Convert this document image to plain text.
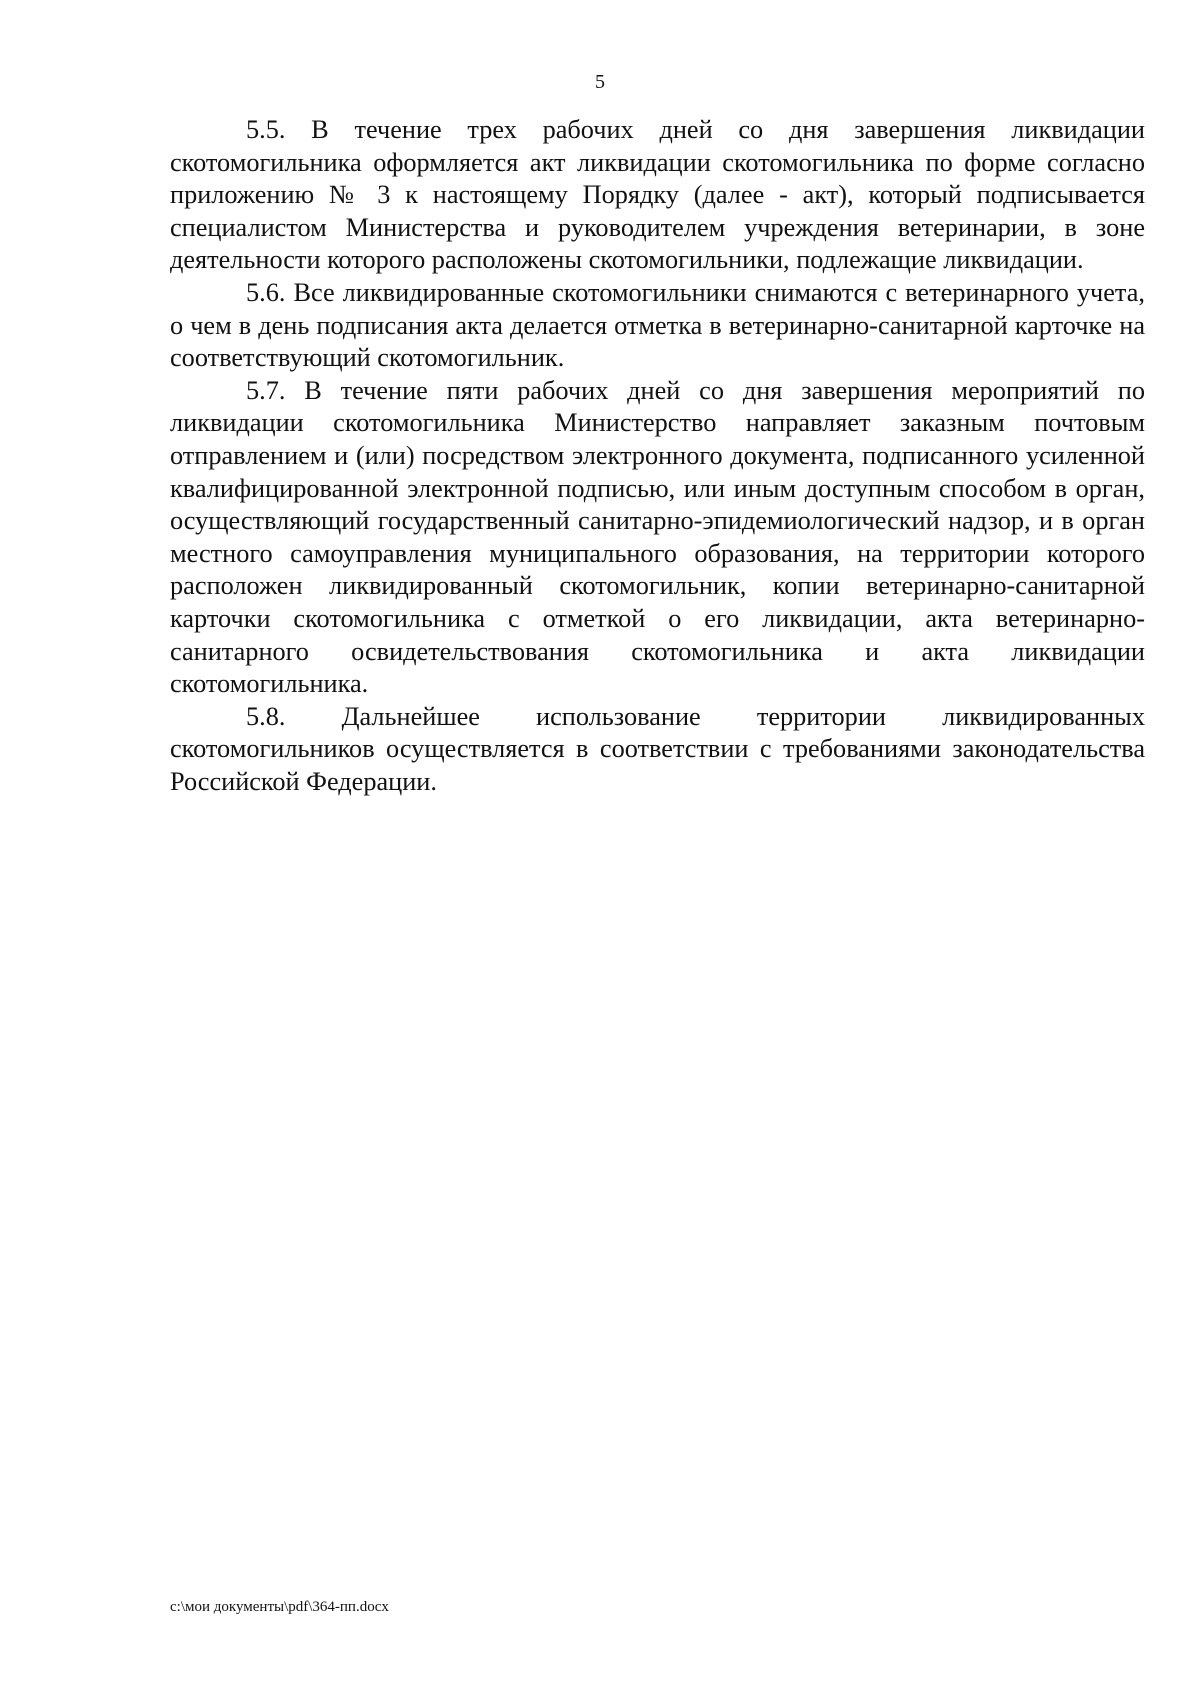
5

5.5. В течение трех рабочих дней со дня завершения ликвидации скотомогильника оформляется акт ликвидации скотомогильника по форме согласно приложению № 3 к настоящему Порядку (далее - акт), который подписывается специалистом Министерства и руководителем учреждения ветеринарии, в зоне деятельности которого расположены скотомогильники, подлежащие ликвидации.

5.6. Все ликвидированные скотомогильники снимаются с ветеринарного учета, о чем в день подписания акта делается отметка в ветеринарно-санитарной карточке на соответствующий скотомогильник.

5.7. В течение пяти рабочих дней со дня завершения мероприятий по ликвидации скотомогильника Министерство направляет заказным почтовым отправлением и (или) посредством электронного документа, подписанного усиленной квалифицированной электронной подписью, или иным доступным способом в орган, осуществляющий государственный санитарно-эпидемиологический надзор, и в орган местного самоуправления муниципального образования, на территории которого расположен ликвидированный скотомогильник, копии ветеринарно-санитарной карточки скотомогильника с отметкой о его ликвидации, акта ветеринарно-санитарного освидетельствования скотомогильника и акта ликвидации скотомогильника.

5.8. Дальнейшее использование территории ликвидированных скотомогильников осуществляется в соответствии с требованиями законодательства Российской Федерации.

c:\мои документы\pdf\364-пп.docx
